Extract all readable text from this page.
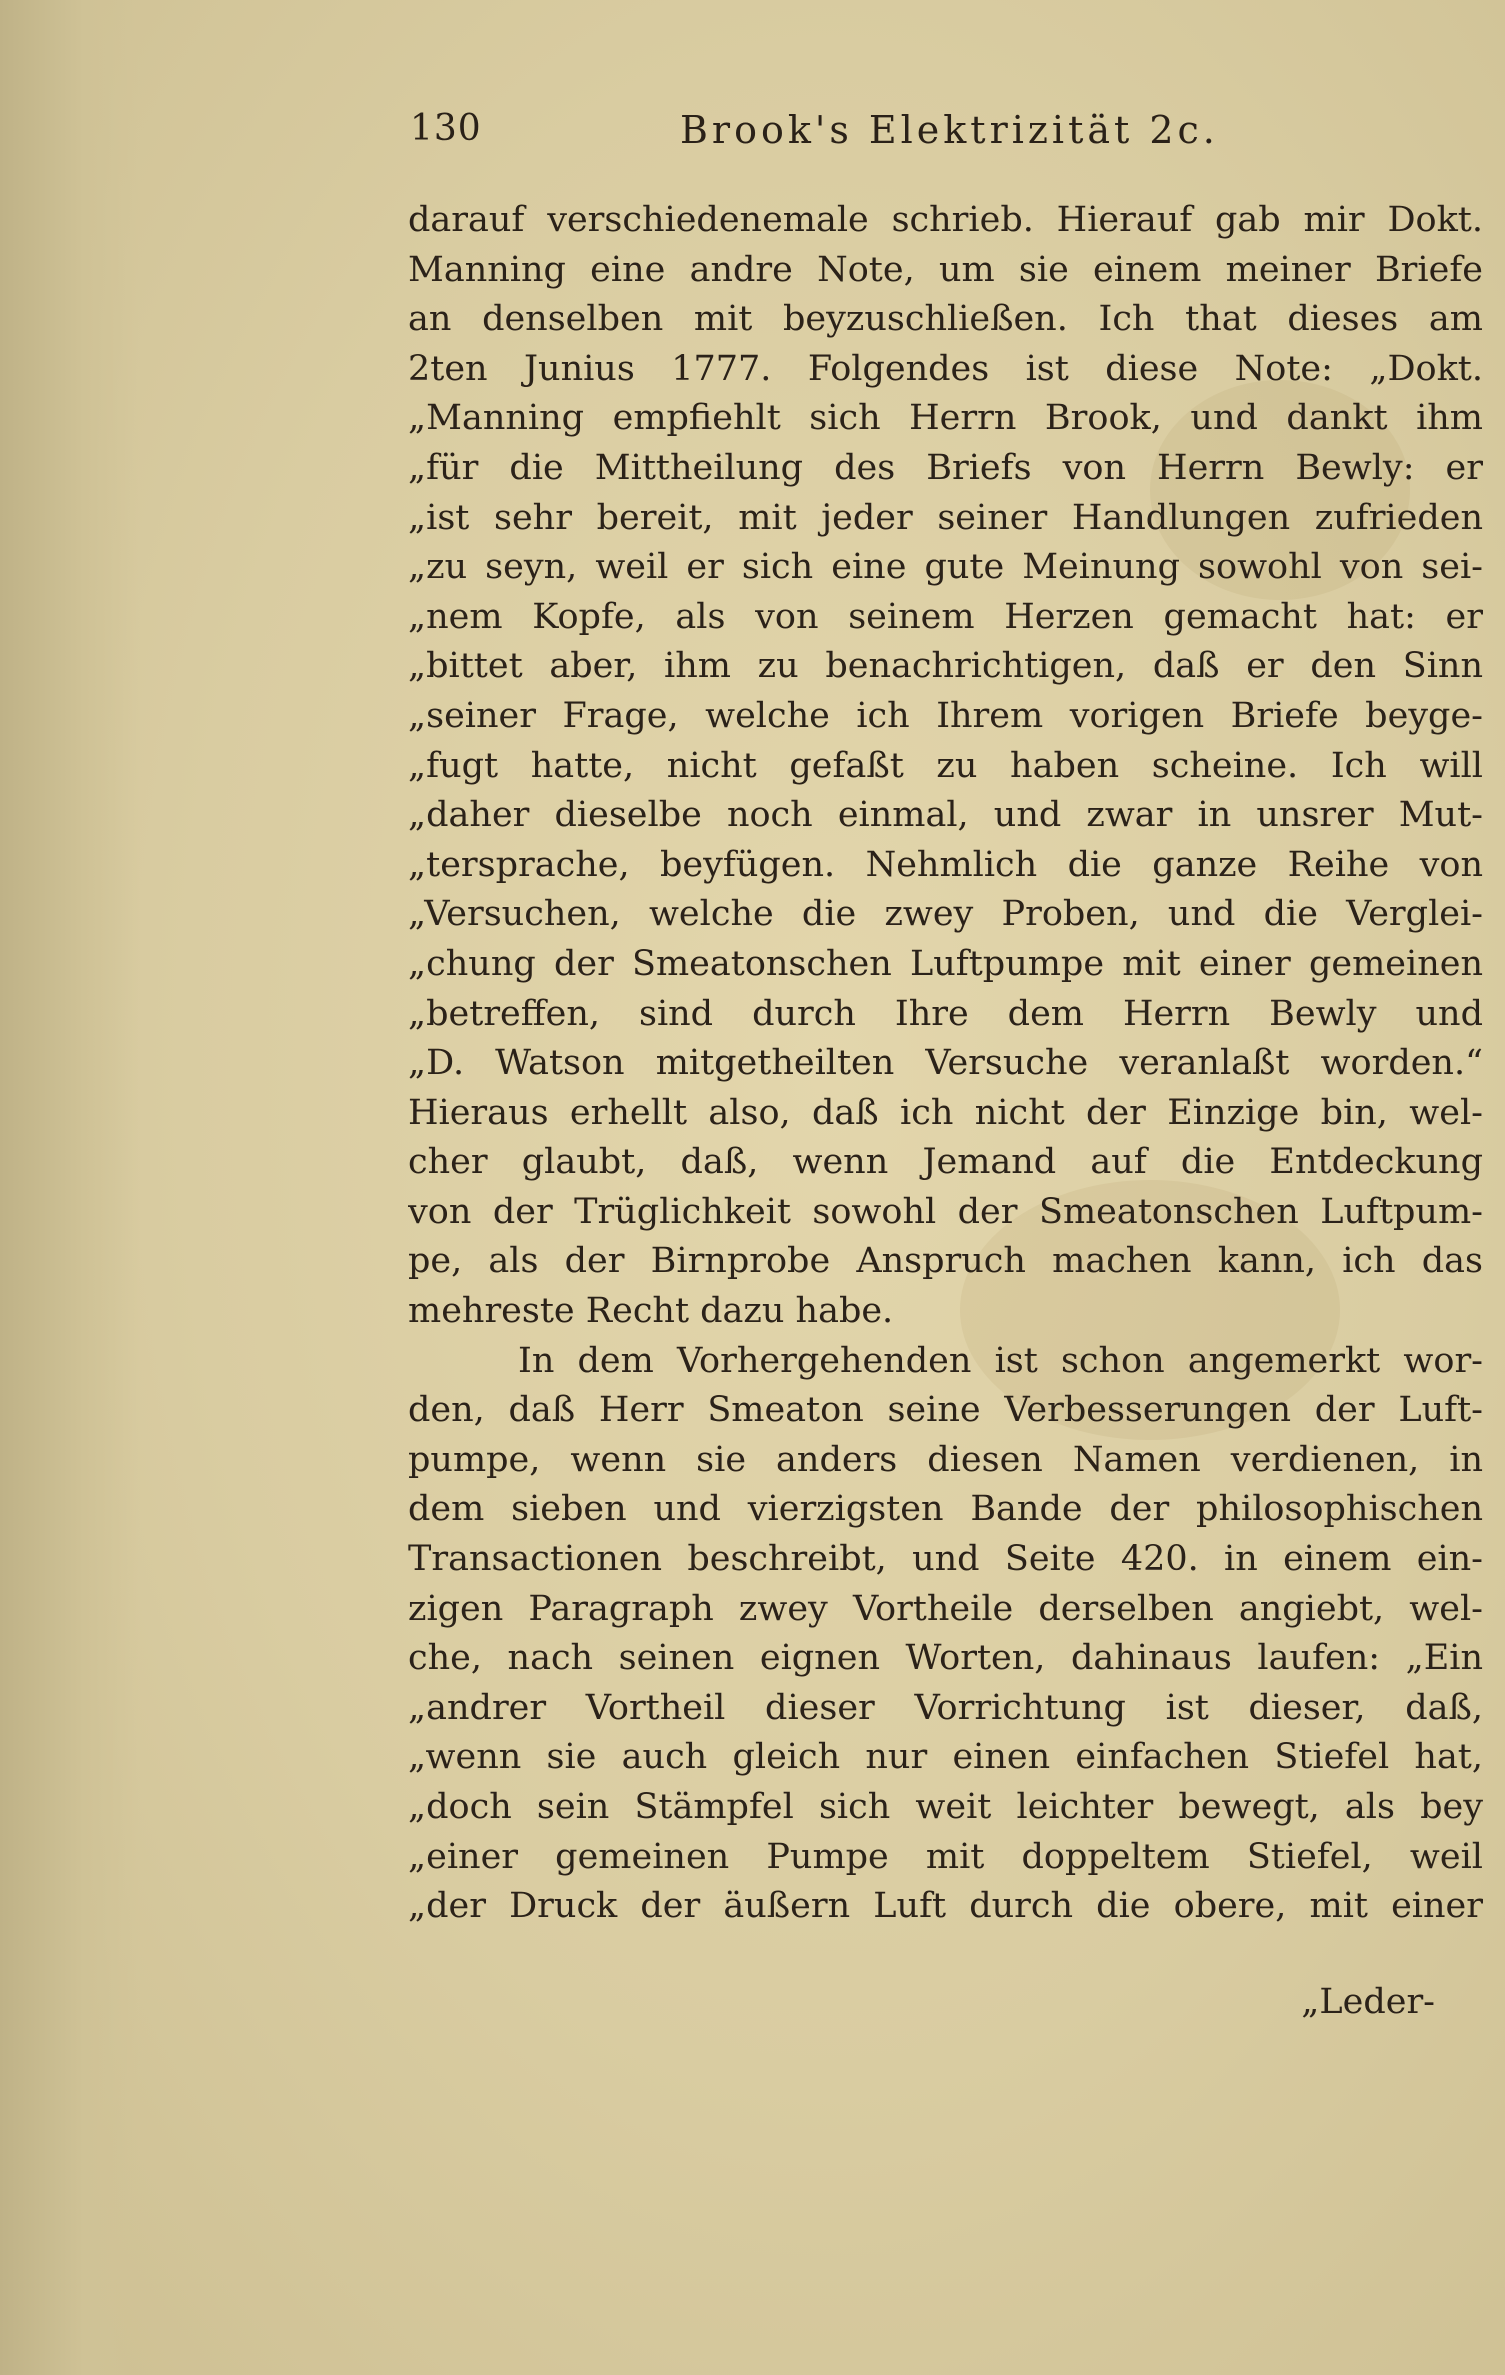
130	Brook's Elektrizität 2c.
darauf verschiedenemale schrieb. Hierauf gab mir Dokt.
Manning eine andre Note, um sie einem meiner Briefe
an denselben mit beyzuschließen. Ich that dieses am
2ten Junius 1777. Folgendes ist diese Note: „Dokt.
„Manning empfiehlt sich Herrn Brook, und dankt ihm
„für die Mittheilung des Briefs von Herrn Bewly: er
„ist sehr bereit, mit jeder seiner Handlungen zufrieden
„zu seyn, weil er sich eine gute Meinung sowohl von sei-
„nem Kopfe, als von seinem Herzen gemacht hat: er
„bittet aber, ihm zu benachrichtigen, daß er den Sinn
„seiner Frage, welche ich Ihrem vorigen Briefe beyge-
„fugt hatte, nicht gefaßt zu haben scheine. Ich will
„daher dieselbe noch einmal, und zwar in unsrer Mut-
„tersprache, beyfügen. Nehmlich die ganze Reihe von
„Versuchen, welche die zwey Proben, und die Verglei-
„chung der Smeatonschen Luftpumpe mit einer gemeinen
„betreffen, sind durch Ihre dem Herrn Bewly und
„D. Watson mitgetheilten Versuche veranlaßt worden.“
Hieraus erhellt also, daß ich nicht der Einzige bin, wel-
cher glaubt, daß, wenn Jemand auf die Entdeckung
von der Trüglichkeit sowohl der Smeatonschen Luftpum-
pe, als der Birnprobe Anspruch machen kann, ich das
mehreste Recht dazu habe.
In dem Vorhergehenden ist schon angemerkt wor-
den, daß Herr Smeaton seine Verbesserungen der Luft-
pumpe, wenn sie anders diesen Namen verdienen, in
dem sieben und vierzigsten Bande der philosophischen
Transactionen beschreibt, und Seite 420. in einem ein-
zigen Paragraph zwey Vortheile derselben angiebt, wel-
che, nach seinen eignen Worten, dahinaus laufen: „Ein
„andrer Vortheil dieser Vorrichtung ist dieser, daß,
„wenn sie auch gleich nur einen einfachen Stiefel hat,
„doch sein Stämpfel sich weit leichter bewegt, als bey
„einer gemeinen Pumpe mit doppeltem Stiefel, weil
„der Druck der äußern Luft durch die obere, mit einer
„Leder-
